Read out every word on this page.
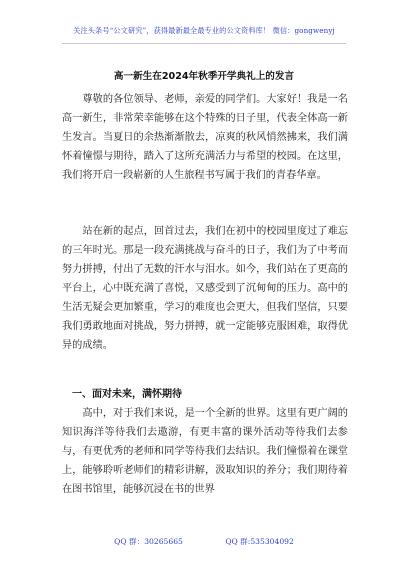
关注头条号“公文研究”，获得最新最全最专业的公文资料库！ 微信：gongwenyj
高一新生在2024年秋季开学典礼上的发言

尊敬的各位领导、老师，亲爱的同学们。大家好！我是一名高一新生，非常荣幸能够在这个特殊的日子里，代表全体高一新生发言。当夏日的余热渐渐散去，凉爽的秋风悄然拂来，我们满怀着憧憬与期待，踏入了这所充满活力与希望的校园。在这里，我们将开启一段崭新的人生旅程书写属于我们的青春华章。

站在新的起点，回首过去，我们在初中的校园里度过了难忘的三年时光。那是一段充满挑战与奋斗的日子，我们为了中考而努力拼搏，付出了无数的汗水与泪水。如今，我们站在了更高的平台上，心中既充满了喜悦，又感受到了沉甸甸的压力。高中的生活无疑会更加繁重，学习的难度也会更大，但我们坚信，只要我们勇敢地面对挑战，努力拼搏，就一定能够克服困难，取得优异的成绩。

一、面对未来，满怀期待

高中，对于我们来说，是一个全新的世界。这里有更广阔的知识海洋等待我们去遨游，有更丰富的课外活动等待我们去参与，有更优秀的老师和同学等待我们去结识。我们憧憬着在课堂上，能够聆听老师们的精彩讲解，汲取知识的养分；我们期待着在图书馆里，能够沉浸在书的世界

QQ 群：30265665	QQ 群:535304092
